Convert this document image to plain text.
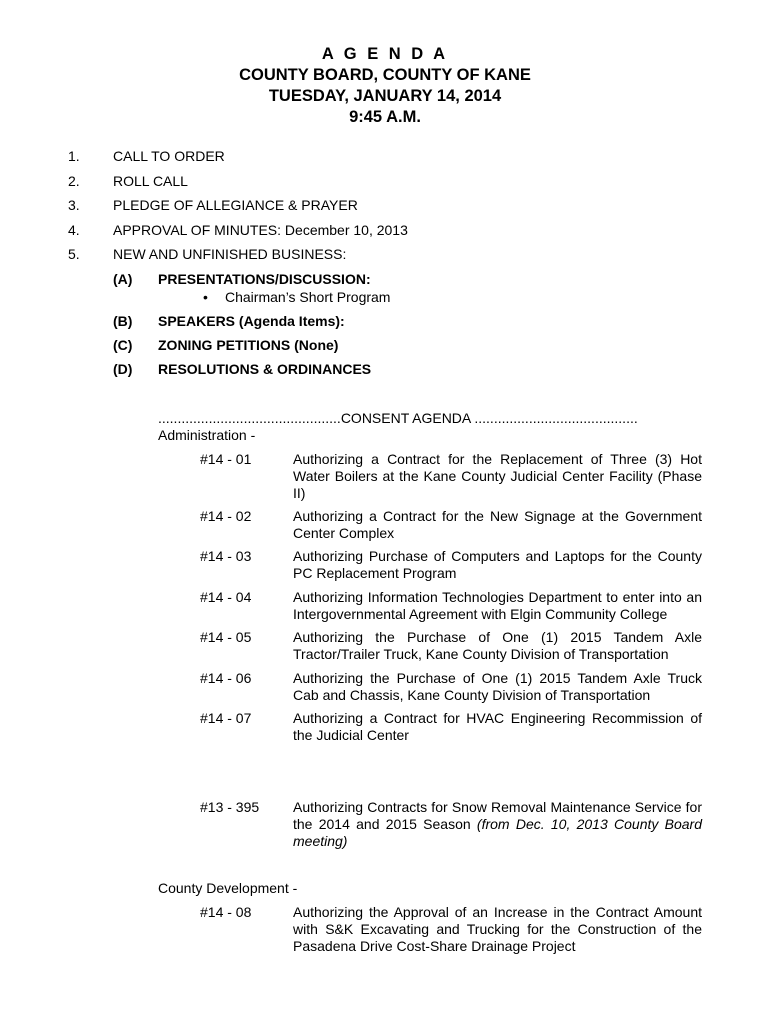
A G E N D A
COUNTY BOARD, COUNTY OF KANE
TUESDAY, JANUARY 14, 2014
9:45 A.M.
1.	CALL TO ORDER
2.	ROLL CALL
3.	PLEDGE OF ALLEGIANCE & PRAYER
4.	APPROVAL OF MINUTES: December 10, 2013
5.	NEW AND UNFINISHED BUSINESS:
(A) PRESENTATIONS/DISCUSSION:
• Chairman’s Short Program
(B) SPEAKERS (Agenda Items):
(C) ZONING PETITIONS (None)
(D) RESOLUTIONS & ORDINANCES
...............................................CONSENT AGENDA ..........................................
Administration -
#14 - 01	Authorizing a Contract for the Replacement of Three (3) Hot Water Boilers at the Kane County Judicial Center Facility (Phase II)
#14 - 02	Authorizing a Contract for the New Signage at the Government Center Complex
#14 - 03	Authorizing Purchase of Computers and Laptops for the County PC Replacement Program
#14 - 04	Authorizing Information Technologies Department to enter into an Intergovernmental Agreement with Elgin Community College
#14 - 05	Authorizing the Purchase of One (1) 2015 Tandem Axle Tractor/Trailer Truck, Kane County Division of Transportation
#14 - 06	Authorizing the Purchase of One (1) 2015 Tandem Axle Truck Cab and Chassis, Kane County Division of Transportation
#14 - 07	Authorizing a Contract for HVAC Engineering Recommission of the Judicial Center
#13 - 395 Authorizing Contracts for Snow Removal Maintenance Service for the 2014 and 2015 Season (from Dec. 10, 2013 County Board meeting)
County Development -
#14 - 08	Authorizing the Approval of an Increase in the Contract Amount with S&K Excavating and Trucking for the Construction of the Pasadena Drive Cost-Share Drainage Project
